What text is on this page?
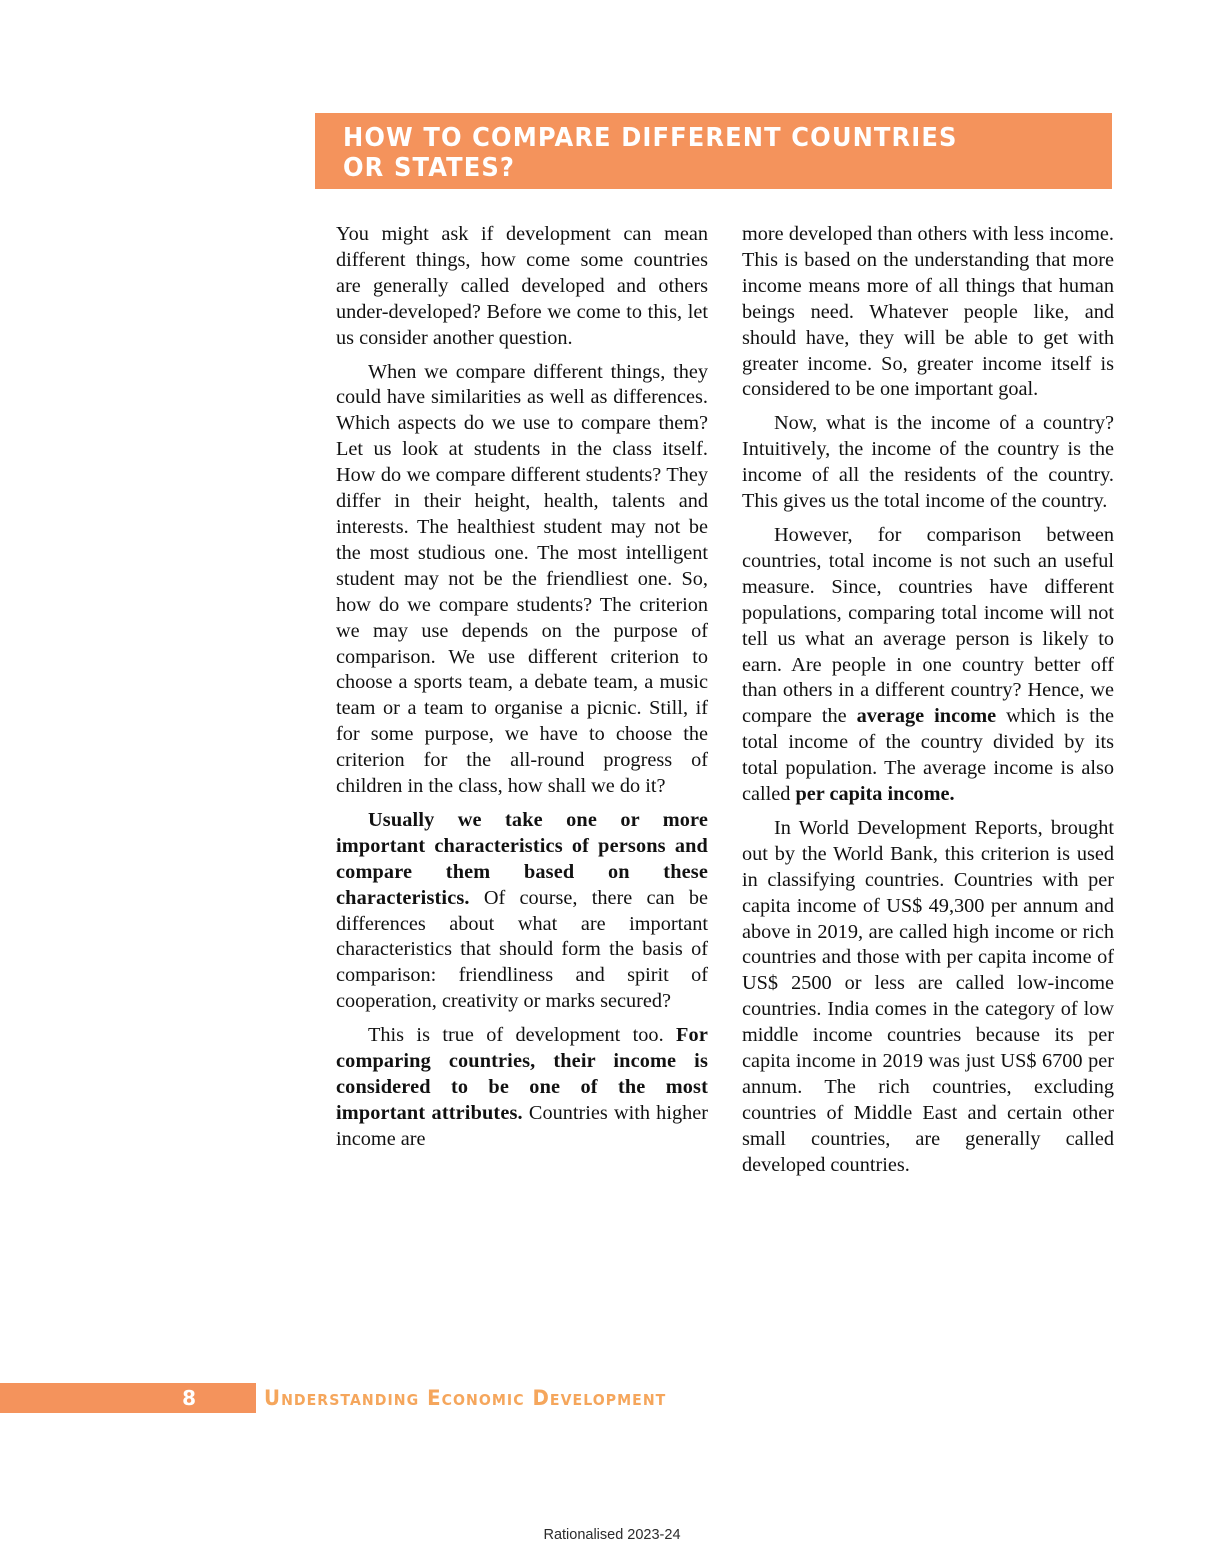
HOW TO COMPARE DIFFERENT COUNTRIES
OR STATES?

You might ask if development can mean different things, how come some countries are generally called developed and others under-developed? Before we come to this, let us consider another question.

When we compare different things, they could have similarities as well as differences. Which aspects do we use to compare them? Let us look at students in the class itself. How do we compare different students? They differ in their height, health, talents and interests. The healthiest student may not be the most studious one. The most intelligent student may not be the friendliest one. So, how do we compare students? The criterion we may use depends on the purpose of comparison. We use different criterion to choose a sports team, a debate team, a music team or a team to organise a picnic. Still, if for some purpose, we have to choose the criterion for the all-round progress of children in the class, how shall we do it?

Usually we take one or more important characteristics of persons and compare them based on these characteristics. Of course, there can be differences about what are important characteristics that should form the basis of comparison: friendliness and spirit of cooperation, creativity or marks secured?

This is true of development too. For comparing countries, their income is considered to be one of the most important attributes. Countries with higher income are

more developed than others with less income. This is based on the understanding that more income means more of all things that human beings need. Whatever people like, and should have, they will be able to get with greater income. So, greater income itself is considered to be one important goal.

Now, what is the income of a country? Intuitively, the income of the country is the income of all the residents of the country. This gives us the total income of the country.

However, for comparison between countries, total income is not such an useful measure. Since, countries have different populations, comparing total income will not tell us what an average person is likely to earn. Are people in one country better off than others in a different country? Hence, we compare the average income which is the total income of the country divided by its total population. The average income is also called per capita income.

In World Development Reports, brought out by the World Bank, this criterion is used in classifying countries. Countries with per capita income of US$ 49,300 per annum and above in 2019, are called high income or rich countries and those with per capita income of US$ 2500 or less are called low-income countries. India comes in the category of low middle income countries because its per capita income in 2019 was just US$ 6700 per annum. The rich countries, excluding countries of Middle East and certain other small countries, are generally called developed countries.

8	Understanding Economic Development
Rationalised 2023-24
